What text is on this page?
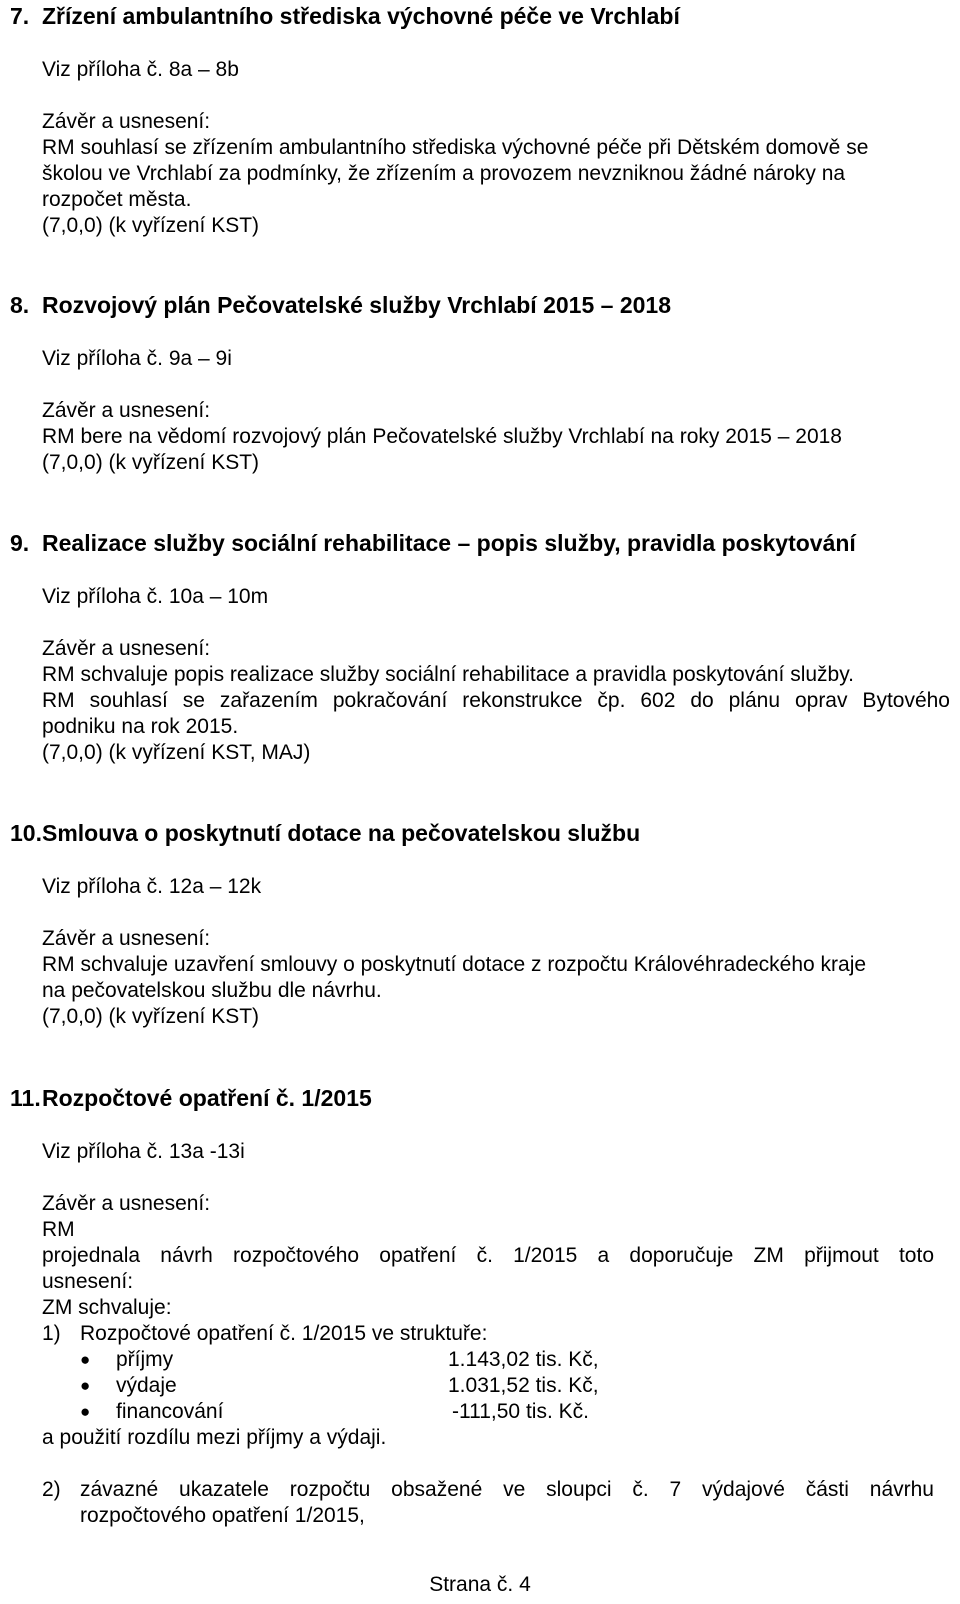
7. Zřízení ambulantního střediska výchovné péče ve Vrchlabí
Viz příloha č. 8a – 8b
Závěr a usnesení:
RM souhlasí se zřízením ambulantního střediska výchovné péče při Dětském domově se
školou ve Vrchlabí za podmínky, že zřízením a provozem nevzniknou žádné nároky na
rozpočet města.
(7,0,0) (k vyřízení KST)
8. Rozvojový plán Pečovatelské služby Vrchlabí 2015 – 2018
Viz příloha č. 9a – 9i
Závěr a usnesení:
RM bere na vědomí rozvojový plán Pečovatelské služby Vrchlabí na roky 2015 – 2018
(7,0,0) (k vyřízení KST)
9. Realizace služby sociální rehabilitace – popis služby, pravidla poskytování
Viz příloha č. 10a – 10m
Závěr a usnesení:
RM schvaluje popis realizace služby sociální rehabilitace a pravidla poskytování služby.
RM souhlasí se zařazením pokračování rekonstrukce čp. 602 do plánu oprav Bytového
podniku na rok 2015.
(7,0,0) (k vyřízení KST, MAJ)
10. Smlouva o poskytnutí dotace na pečovatelskou službu
Viz příloha č. 12a – 12k
Závěr a usnesení:
RM schvaluje uzavření smlouvy o poskytnutí dotace z rozpočtu Královéhradeckého kraje
na pečovatelskou službu dle návrhu.
(7,0,0) (k vyřízení KST)
11. Rozpočtové opatření č. 1/2015
Viz příloha č. 13a -13i
Závěr a usnesení:
RM
projednala návrh rozpočtového opatření č. 1/2015 a doporučuje ZM přijmout toto
usnesení:
ZM schvaluje:
1) Rozpočtové opatření č. 1/2015 ve struktuře:
●	příjmy	1.143,02 tis. Kč,
●	výdaje	1.031,52 tis. Kč,
●	financování	-111,50 tis. Kč.
a použití rozdílu mezi příjmy a výdaji.
2) závazné ukazatele rozpočtu obsažené ve sloupci č. 7 výdajové části návrhu
rozpočtového opatření 1/2015,
Strana č. 4
